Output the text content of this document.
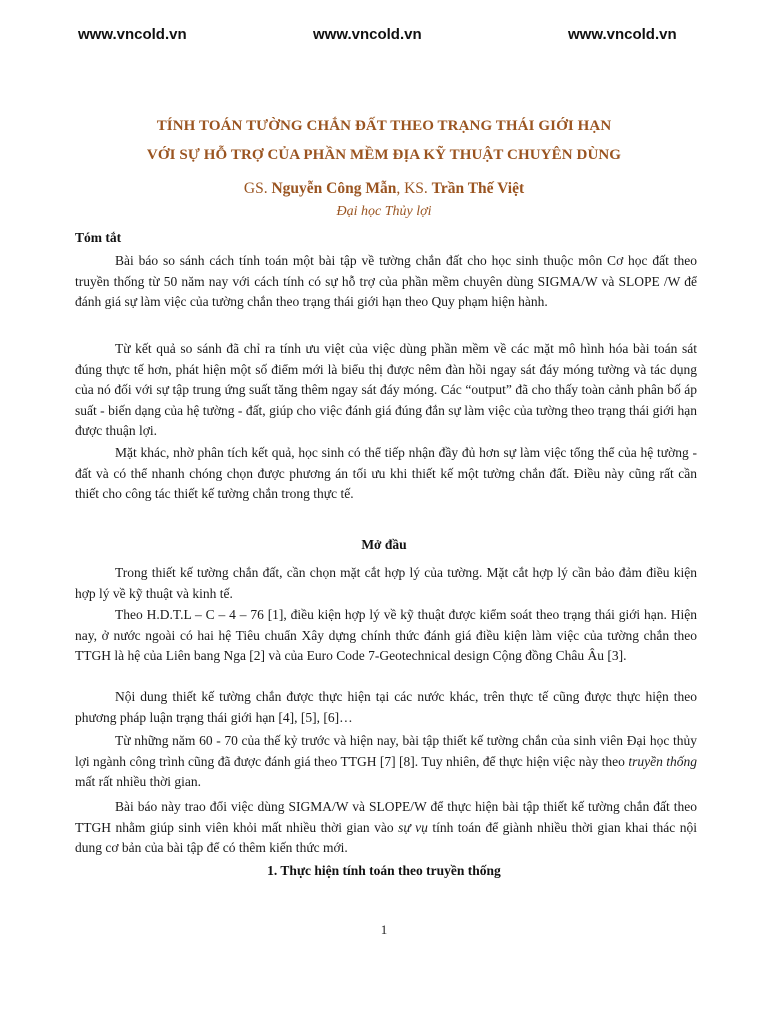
www.vncold.vn	www.vncold.vn	www.vncold.vn

TÍNH TOÁN TƯỜNG CHẮN ĐẤT THEO TRẠNG THÁI GIỚI HẠN

VỚI SỰ HỖ TRỢ CỦA PHẦN MỀM ĐỊA KỸ THUẬT CHUYÊN DÙNG

GS. Nguyễn Công Mẫn, KS. Trần Thế Việt

Đại học Thủy lợi

Tóm tắt

Bài báo so sánh cách tính toán một bài tập về tường chắn đất cho học sinh thuộc môn Cơ học đất theo truyền thống từ 50 năm nay với cách tính có sự hỗ trợ của phần mềm chuyên dùng SIGMA/W và SLOPE /W để đánh giá sự làm việc của tường chắn theo trạng thái giới hạn theo Quy phạm hiện hành.

Từ kết quả so sánh đã chỉ ra tính ưu việt của việc dùng phần mềm về các mặt mô hình hóa bài toán sát đúng thực tế hơn, phát hiện một số điểm mới là biểu thị được nêm đàn hồi ngay sát đáy móng tường và tác dụng của nó đối với sự tập trung ứng suất tăng thêm ngay sát đáy móng. Các “output” đã cho thấy toàn cảnh phân bố áp suất - biến dạng của hệ tường - đất, giúp cho việc đánh giá đúng đắn sự làm việc của tường theo trạng thái giới hạn được thuận lợi.

Mặt khác, nhờ phân tích kết quả, học sinh có thể tiếp nhận đầy đủ hơn sự làm việc tổng thể của hệ tường - đất và có thể nhanh chóng chọn được phương án tối ưu khi thiết kế một tường chắn đất. Điều này cũng rất cần thiết cho công tác thiết kế tường chắn trong thực tế.

Mở đầu

Trong thiết kế tường chắn đất, cần chọn mặt cắt hợp lý của tường. Mặt cắt hợp lý cần bảo đảm điều kiện hợp lý về kỹ thuật và kinh tế.

Theo H.D.T.L – C – 4 – 76 [1], điều kiện hợp lý về kỹ thuật được kiểm soát theo trạng thái giới hạn. Hiện nay, ở nước ngoài có hai hệ Tiêu chuẩn Xây dựng chính thức đánh giá điều kiện làm việc của tường chắn theo TTGH là hệ của Liên bang Nga [2] và của Euro Code 7-Geotechnical design Cộng đồng Châu Âu [3].

Nội dung thiết kế tường chắn được thực hiện tại các nước khác, trên thực tế cũng được thực hiện theo phương pháp luận trạng thái giới hạn [4], [5], [6]…

Từ những năm 60 - 70 của thế kỷ trước và hiện nay, bài tập thiết kế tường chắn của sinh viên Đại học thủy lợi ngành công trình cũng đã được đánh giá theo TTGH [7] [8]. Tuy nhiên, để thực hiện việc này theo truyền thống mất rất nhiều thời gian.

Bài báo này trao đổi việc dùng SIGMA/W và SLOPE/W để thực hiện bài tập thiết kế tường chắn đất theo TTGH nhằm giúp sinh viên khỏi mất nhiều thời gian vào sự vụ tính toán để giành nhiều thời gian khai thác nội dung cơ bản của bài tập để có thêm kiến thức mới.

1. Thực hiện tính toán theo truyền thống

1
